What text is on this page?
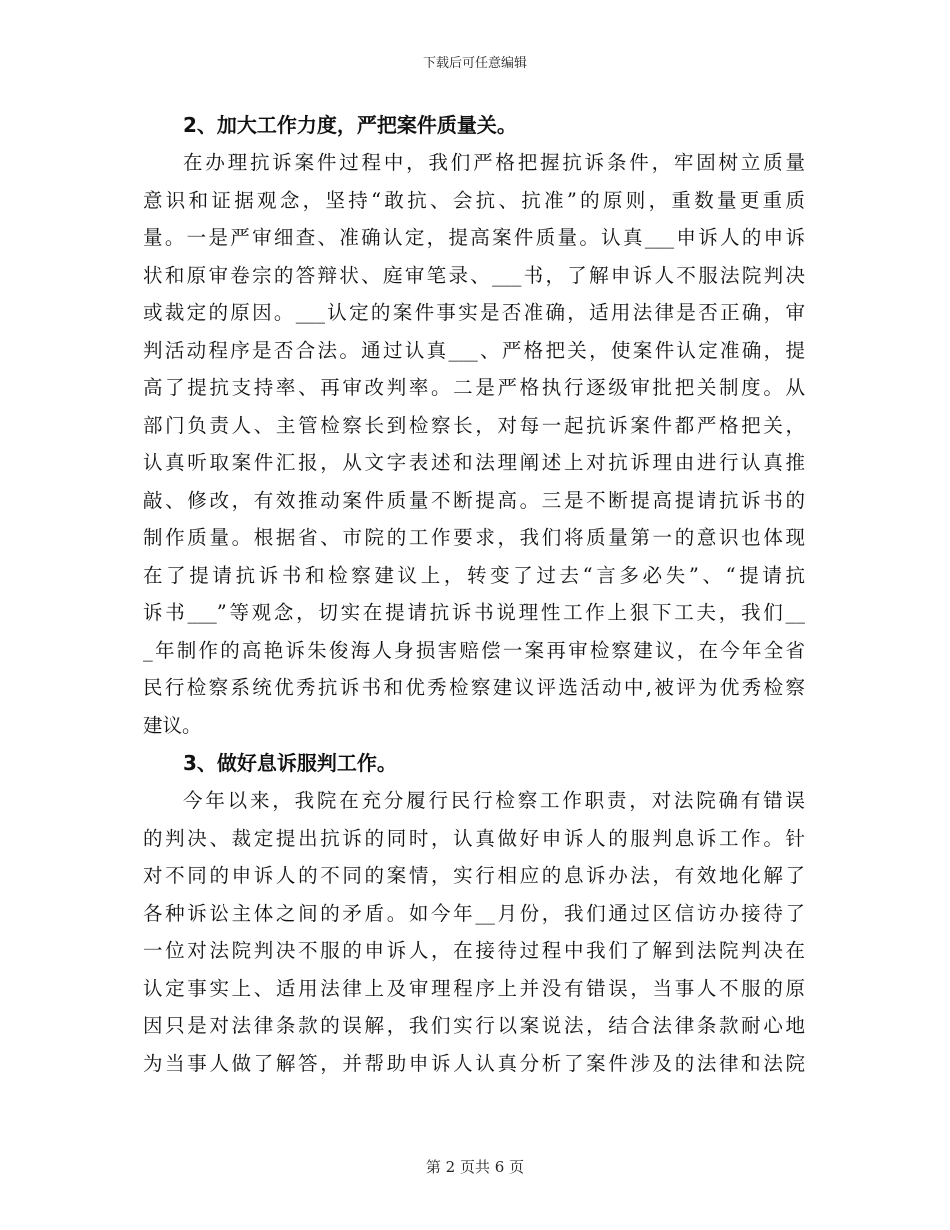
下载后可任意编辑
2、加大工作力度，严把案件质量关。
在办理抗诉案件过程中，我们严格把握抗诉条件，牢固树立质量
意识和证据观念，坚持“敢抗、会抗、抗准”的原则，重数量更重质
量。一是严审细查、准确认定，提高案件质量。认真___申诉人的申诉
状和原审卷宗的答辩状、庭审笔录、___书，了解申诉人不服法院判决
或裁定的原因。___认定的案件事实是否准确，适用法律是否正确，审
判活动程序是否合法。通过认真___、严格把关，使案件认定准确，提
高了提抗支持率、再审改判率。二是严格执行逐级审批把关制度。从
部门负责人、主管检察长到检察长，对每一起抗诉案件都严格把关，
认真听取案件汇报，从文字表述和法理阐述上对抗诉理由进行认真推
敲、修改，有效推动案件质量不断提高。三是不断提高提请抗诉书的
制作质量。根据省、市院的工作要求，我们将质量第一的意识也体现
在了提请抗诉书和检察建议上，转变了过去“言多必失”、“提请抗
诉书___”等观念，切实在提请抗诉书说理性工作上狠下工夫，我们__
_年制作的高艳诉朱俊海人身损害赔偿一案再审检察建议，在今年全省
民行检察系统优秀抗诉书和优秀检察建议评选活动中,被评为优秀检察
建议。
3、做好息诉服判工作。
今年以来，我院在充分履行民行检察工作职责，对法院确有错误
的判决、裁定提出抗诉的同时，认真做好申诉人的服判息诉工作。针
对不同的申诉人的不同的案情，实行相应的息诉办法，有效地化解了
各种诉讼主体之间的矛盾。如今年__月份，我们通过区信访办接待了
一位对法院判决不服的申诉人，在接待过程中我们了解到法院判决在
认定事实上、适用法律上及审理程序上并没有错误，当事人不服的原
因只是对法律条款的误解，我们实行以案说法，结合法律条款耐心地
为当事人做了解答，并帮助申诉人认真分析了案件涉及的法律和法院
第 2 页共 6 页
